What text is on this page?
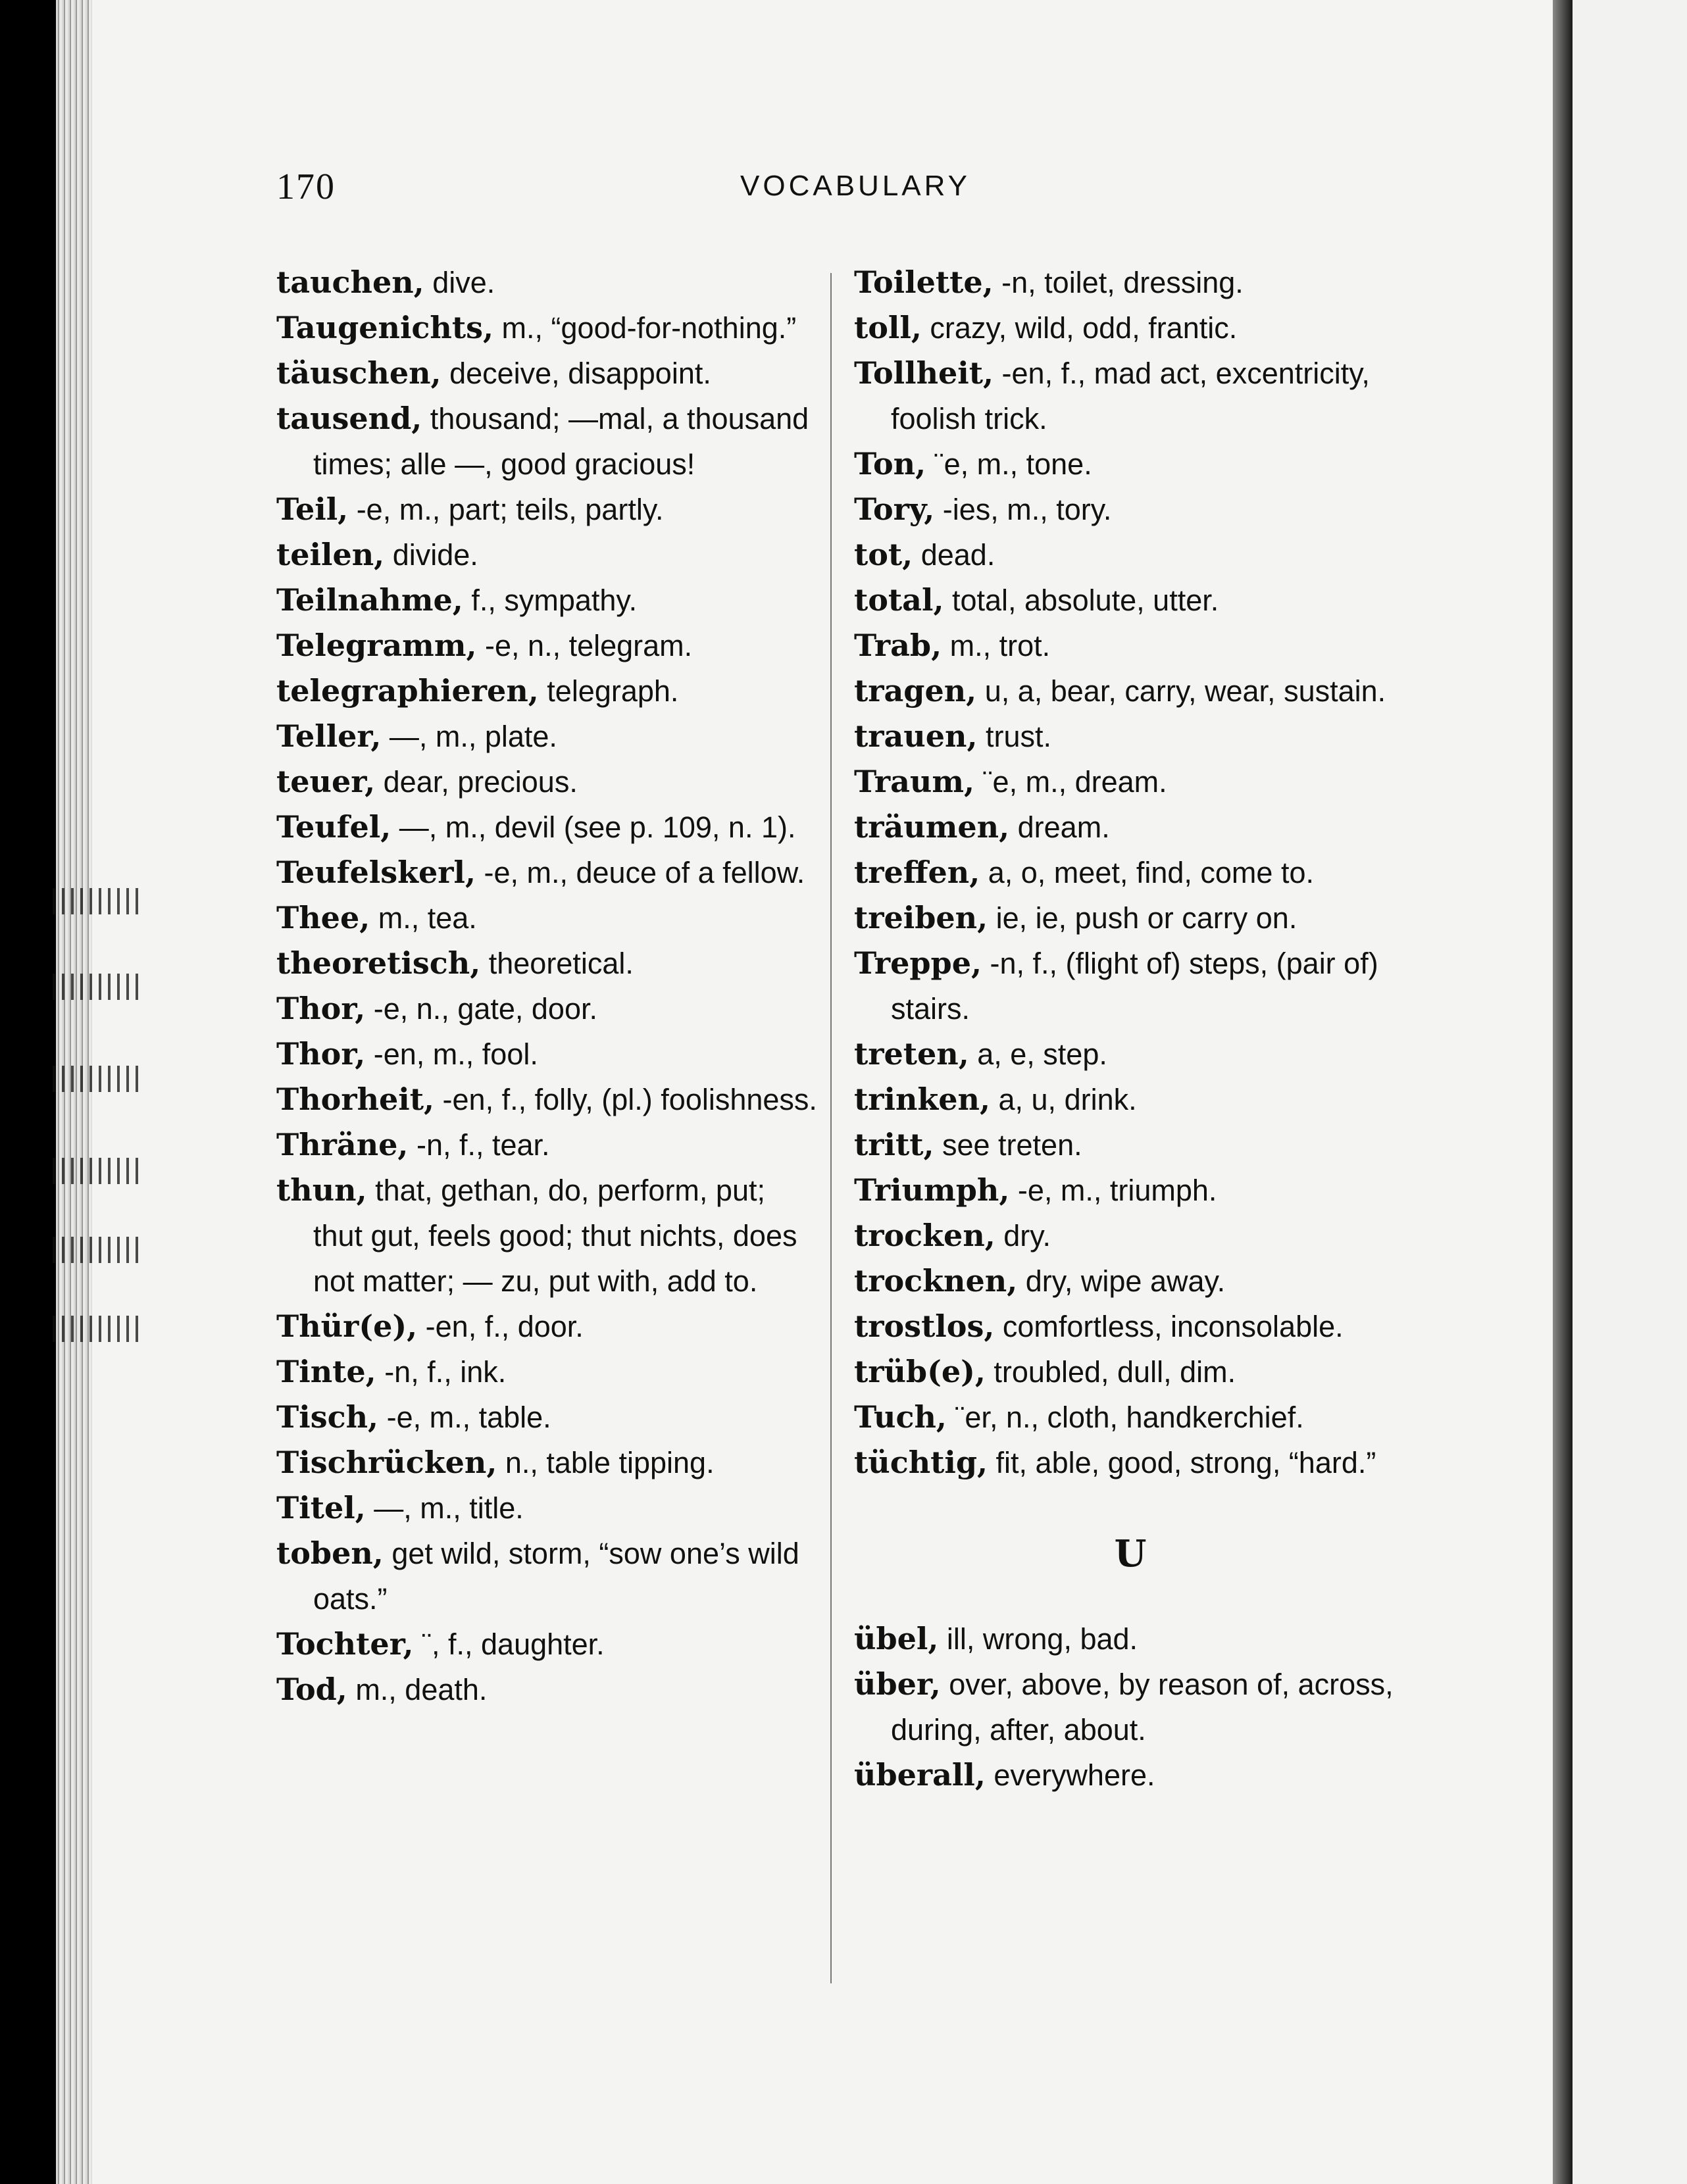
170	VOCABULARY

tauchen, dive.

Taugenichts, m., “good-for-nothing.”

täuschen, deceive, disappoint.

tausend, thousand; —mal, a thousand times; alle —, good gracious!

Teil, -e, m., part; teils, partly.

teilen, divide.

Teilnahme, f., sympathy.

Telegramm, -e, n., telegram.

telegraphieren, telegraph.

Teller, —, m., plate.

teuer, dear, precious.

Teufel, —, m., devil (see p. 109, n. 1).

Teufelskerl, -e, m., deuce of a fellow.

Thee, m., tea.

theoretisch, theoretical.

Thor, -e, n., gate, door.

Thor, -en, m., fool.

Thorheit, -en, f., folly, (pl.) foolishness.

Thräne, -n, f., tear.

thun, that, gethan, do, perform, put; thut gut, feels good; thut nichts, does not matter; — zu, put with, add to.

Thür(e), -en, f., door.

Tinte, -n, f., ink.

Tisch, -e, m., table.

Tischrücken, n., table tipping.

Titel, —, m., title.

toben, get wild, storm, “sow one’s wild oats.”

Tochter, ¨, f., daughter.

Tod, m., death.

Toilette, -n, toilet, dressing.

toll, crazy, wild, odd, frantic.

Tollheit, -en, f., mad act, excentricity, foolish trick.

Ton, ¨e, m., tone.

Tory, -ies, m., tory.

tot, dead.

total, total, absolute, utter.

Trab, m., trot.

tragen, u, a, bear, carry, wear, sustain.

trauen, trust.

Traum, ¨e, m., dream.

träumen, dream.

treffen, a, o, meet, find, come to.

treiben, ie, ie, push or carry on.

Treppe, -n, f., (flight of) steps, (pair of) stairs.

treten, a, e, step.

trinken, a, u, drink.

tritt, see treten.

Triumph, -e, m., triumph.

trocken, dry.

trocknen, dry, wipe away.

trostlos, comfortless, inconsolable.

trüb(e), troubled, dull, dim.

Tuch, ¨er, n., cloth, handkerchief.

tüchtig, fit, able, good, strong, “hard.”

U

übel, ill, wrong, bad.

über, over, above, by reason of, across, during, after, about.

überall, everywhere.
